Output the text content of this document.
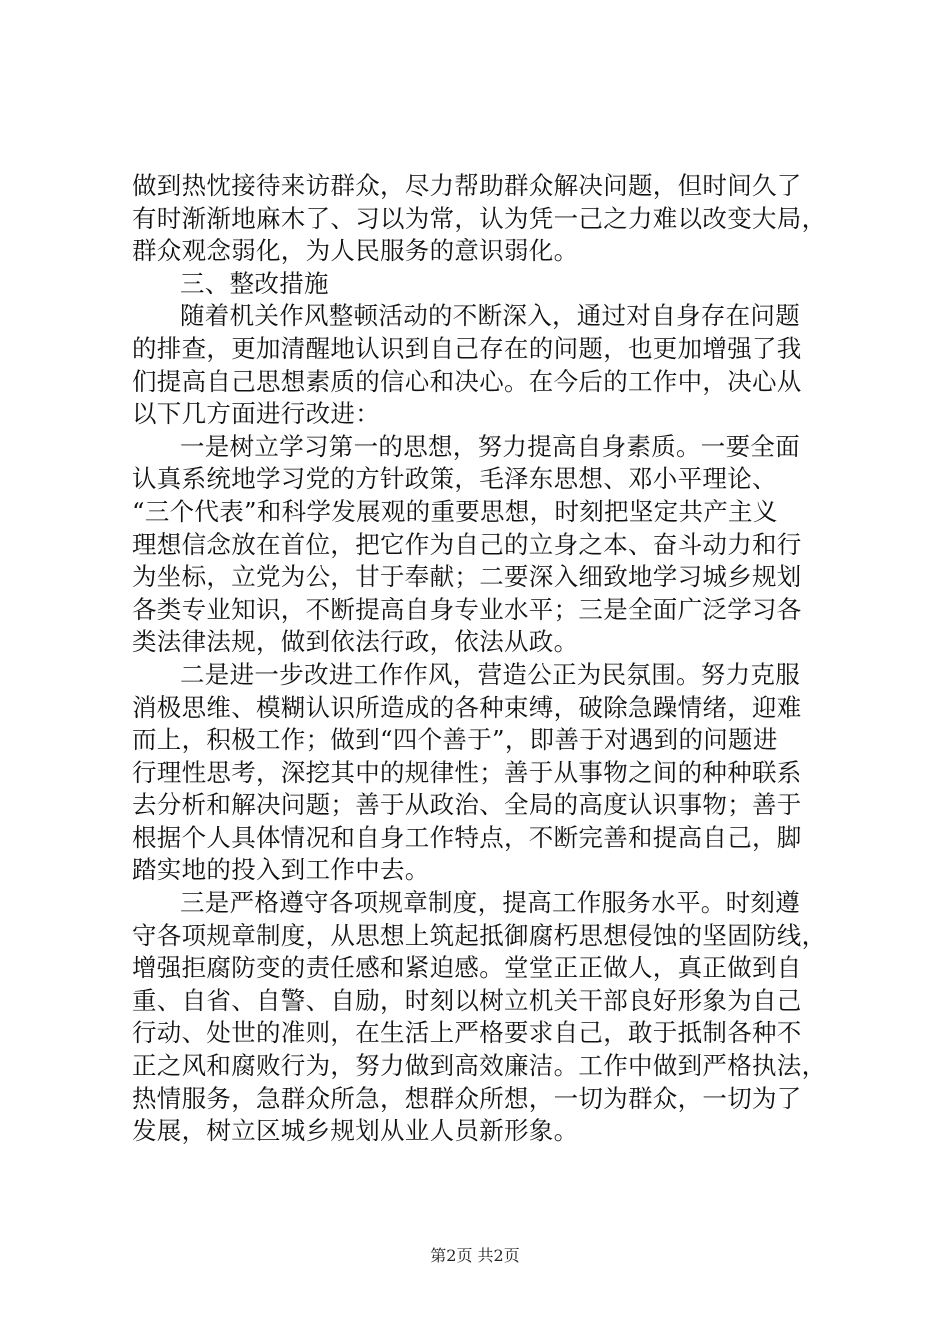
做到热忱接待来访群众，尽力帮助群众解决问题，但时间久了
有时渐渐地麻木了、习以为常，认为凭一己之力难以改变大局，
群众观念弱化，为人民服务的意识弱化。
三、整改措施
随着机关作风整顿活动的不断深入，通过对自身存在问题
的排查，更加清醒地认识到自己存在的问题，也更加增强了我
们提高自己思想素质的信心和决心。在今后的工作中，决心从
以下几方面进行改进：
一是树立学习第一的思想，努力提高自身素质。一要全面
认真系统地学习党的方针政策，毛泽东思想、邓小平理论、
“三个代表”和科学发展观的重要思想，时刻把坚定共产主义
理想信念放在首位，把它作为自己的立身之本、奋斗动力和行
为坐标，立党为公，甘于奉献；二要深入细致地学习城乡规划
各类专业知识，不断提高自身专业水平；三是全面广泛学习各
类法律法规，做到依法行政，依法从政。
二是进一步改进工作作风，营造公正为民氛围。努力克服
消极思维、模糊认识所造成的各种束缚，破除急躁情绪，迎难
而上，积极工作；做到“四个善于”，即善于对遇到的问题进
行理性思考，深挖其中的规律性；善于从事物之间的种种联系
去分析和解决问题；善于从政治、全局的高度认识事物；善于
根据个人具体情况和自身工作特点，不断完善和提高自己，脚
踏实地的投入到工作中去。
三是严格遵守各项规章制度，提高工作服务水平。时刻遵
守各项规章制度，从思想上筑起抵御腐朽思想侵蚀的坚固防线，
增强拒腐防变的责任感和紧迫感。堂堂正正做人，真正做到自
重、自省、自警、自励，时刻以树立机关干部良好形象为自己
行动、处世的准则，在生活上严格要求自己，敢于抵制各种不
正之风和腐败行为，努力做到高效廉洁。工作中做到严格执法，
热情服务，急群众所急，想群众所想，一切为群众，一切为了
发展，树立区城乡规划从业人员新形象。
第2页 共2页
